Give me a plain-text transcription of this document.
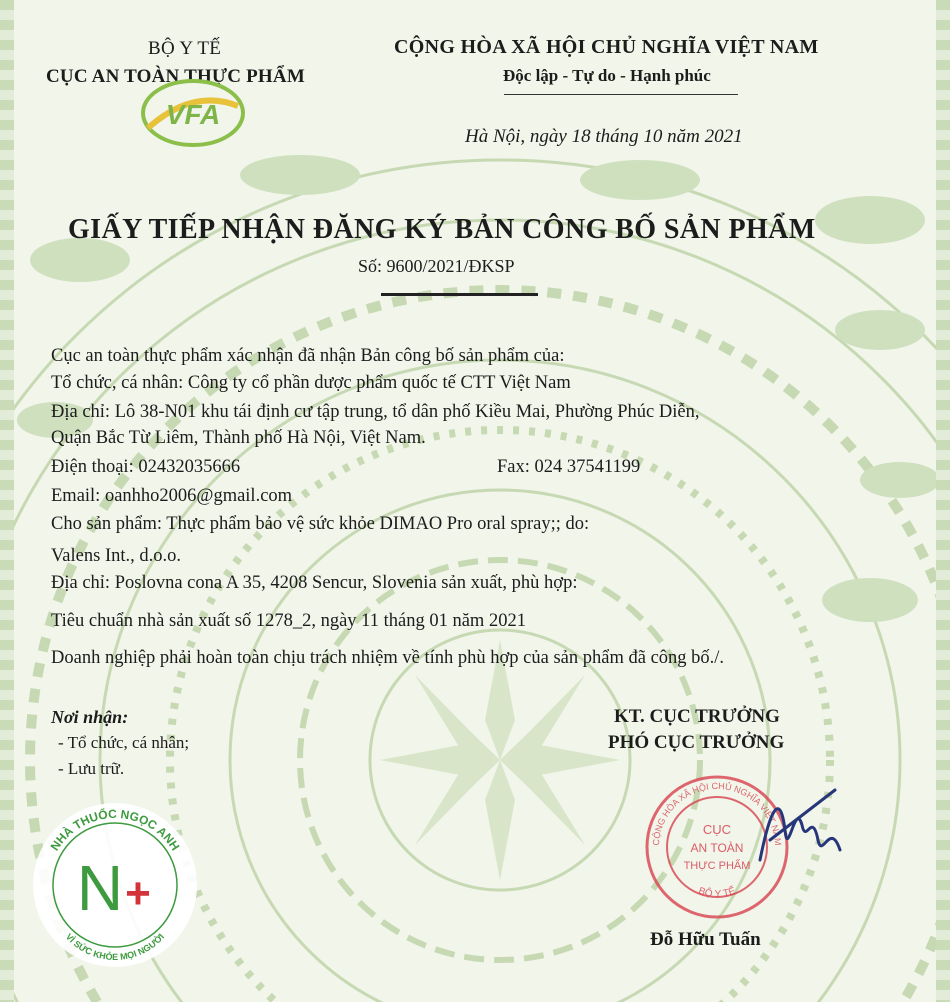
BỘ Y TẾ
CỤC AN TOÀN THỰC PHẨM
VFA
CỘNG HÒA XÃ HỘI CHỦ NGHĨA VIỆT NAM
Độc lập - Tự do - Hạnh phúc
Hà Nội, ngày 18 tháng 10 năm 2021
GIẤY TIẾP NHẬN ĐĂNG KÝ BẢN CÔNG BỐ SẢN PHẨM
Số: 9600/2021/ĐKSP
Cục an toàn thực phẩm xác nhận đã nhận Bản công bố sản phẩm của:
Tổ chức, cá nhân: Công ty cổ phần dược phẩm quốc tế CTT Việt Nam
Địa chỉ: Lô 38-N01 khu tái định cư tập trung, tổ dân phố Kiều Mai, Phường Phúc Diễn,
Quận Bắc Từ Liêm, Thành phố Hà Nội, Việt Nam.
Điện thoại: 02432035666	Fax: 024 37541199
Email: oanhho2006@gmail.com
Cho sản phẩm: Thực phẩm bảo vệ sức khỏe DIMAO Pro oral spray;; do:
Valens Int., d.o.o.
Địa chỉ: Poslovna cona A 35, 4208 Sencur, Slovenia sản xuất, phù hợp:
Tiêu chuẩn nhà sản xuất số 1278_2, ngày 11 tháng 01 năm 2021
Doanh nghiệp phải hoàn toàn chịu trách nhiệm về tính phù hợp của sản phẩm đã công bố./.
Nơi nhận:
- Tổ chức, cá nhân;
- Lưu trữ.
KT. CỤC TRƯỞNG
PHÓ CỤC TRƯỞNG
CỘNG HÒA XÃ HỘI CHỦ NGHĨA VIỆT NAM
BỘ Y TẾ
CỤC
AN TOÀN
THỰC PHẨM
Đỗ Hữu Tuấn
NHÀ THUỐC NGỌC ANH
VÌ SỨC KHỎE MỌI NGƯỜI
N +
